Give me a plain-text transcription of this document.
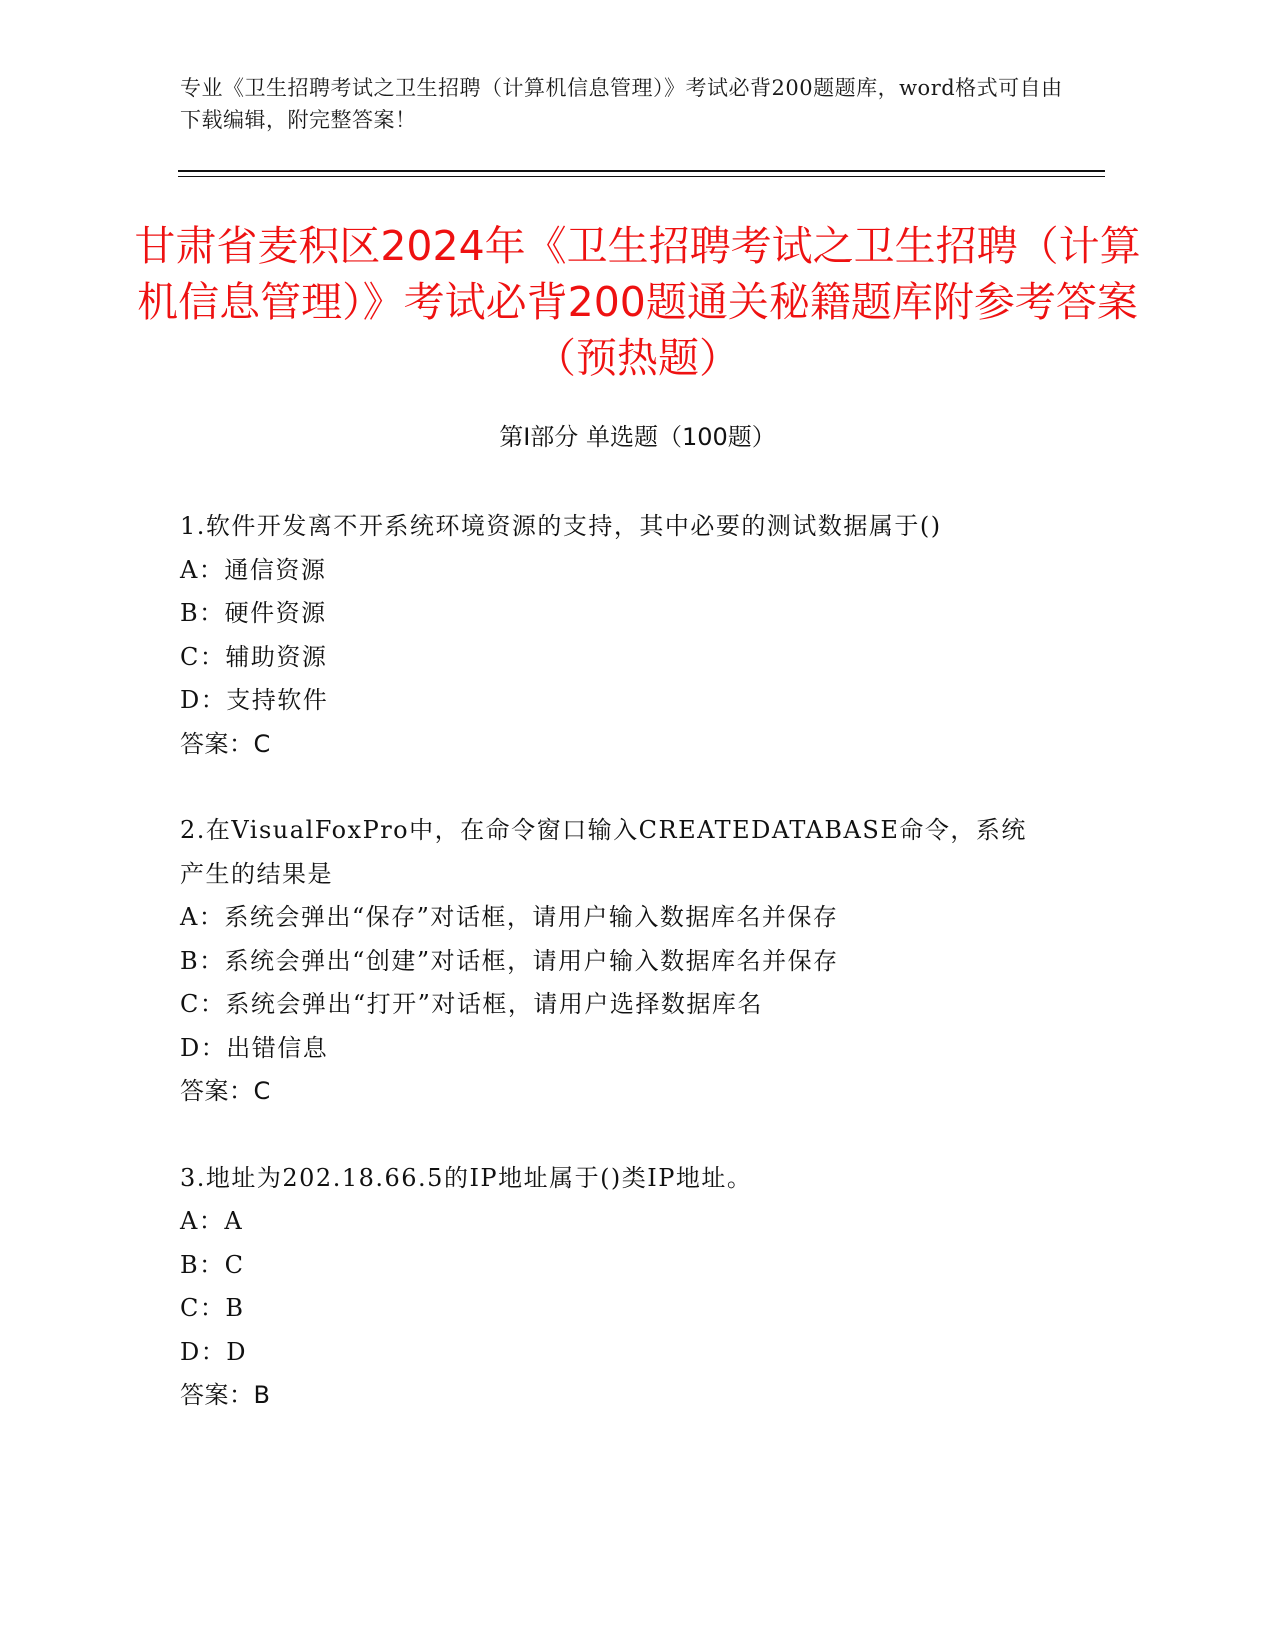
专业《卫生招聘考试之卫生招聘（计算机信息管理）》考试必背200题题库，word格式可自由下载编辑，附完整答案！
甘肃省麦积区2024年《卫生招聘考试之卫生招聘（计算机信息管理）》考试必背200题通关秘籍题库附参考答案（预热题）
第Ⅰ部分 单选题（100题）
1.软件开发离不开系统环境资源的支持，其中必要的测试数据属于()
A：通信资源
B：硬件资源
C：辅助资源
D：支持软件
答案：C
2.在VisualFoxPro中，在命令窗口输入CREATEDATABASE命令，系统产生的结果是
A：系统会弹出“保存”对话框，请用户输入数据库名并保存
B：系统会弹出“创建”对话框，请用户输入数据库名并保存
C：系统会弹出“打开”对话框，请用户选择数据库名
D：出错信息
答案：C
3.地址为202.18.66.5的IP地址属于()类IP地址。
A：A
B：C
C：B
D：D
答案：B
